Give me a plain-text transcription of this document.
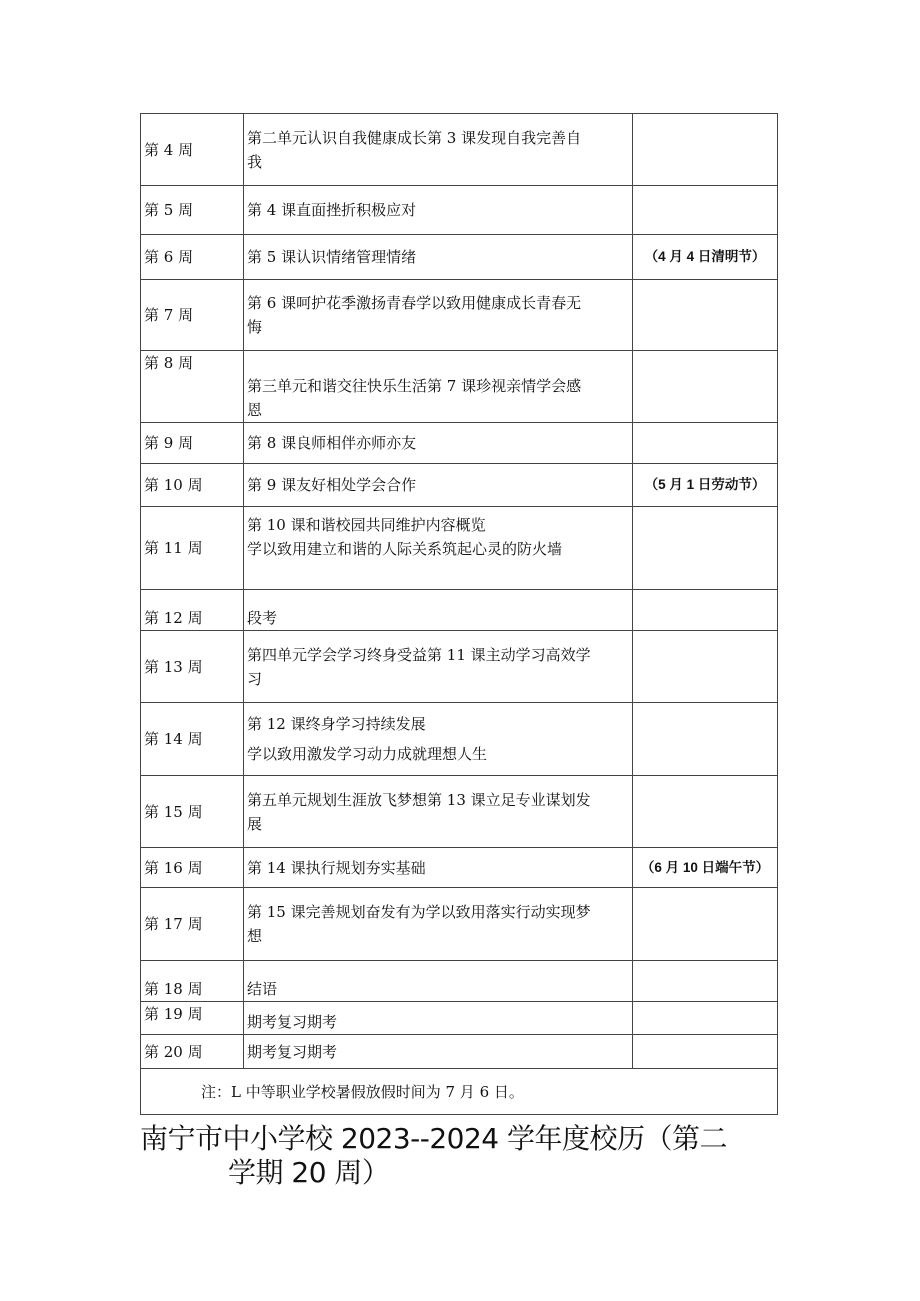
第 4 周	第二单元认识自我健康成长第 3 课发现自我完善自
我	

第 5 周	第 4 课直面挫折积极应对	
第 6 周	第 5 课认识情绪管理情绪	（4 月 4 日清明节）
第 7 周	第 6 课呵护花季激扬青春学以致用健康成长青春无
悔	

第 8 周	第三单元和谐交往快乐生活第 7 课珍视亲情学会感
恩	

第 9 周	第 8 课良师相伴亦师亦友	
第 10 周	第 9 课友好相处学会合作	（5 月 1 日劳动节）
第 11 周	第 10 课和谐校园共同维护内容概览
学以致用建立和谐的人际关系筑起心灵的防火墙	

第 12 周	段考	
第 13 周	第四单元学会学习终身受益第 11 课主动学习高效学
习	

第 14 周	第 12 课终身学习持续发展
学以致用激发学习动力成就理想人生	

第 15 周	第五单元规划生涯放飞梦想第 13 课立足专业谋划发
展	

第 16 周	第 14 课执行规划夯实基础	（6 月 10 日端午节）
第 17 周	第 15 课完善规划奋发有为学以致用落实行动实现梦
想	

第 18 周	结语	
第 19 周	期考复习期考	
第 20 周	期考复习期考	
注：L 中等职业学校暑假放假时间为 7 月 6 日。		
南宁市中小学校 2023--2024 学年度校历（第二
学期 20 周）
